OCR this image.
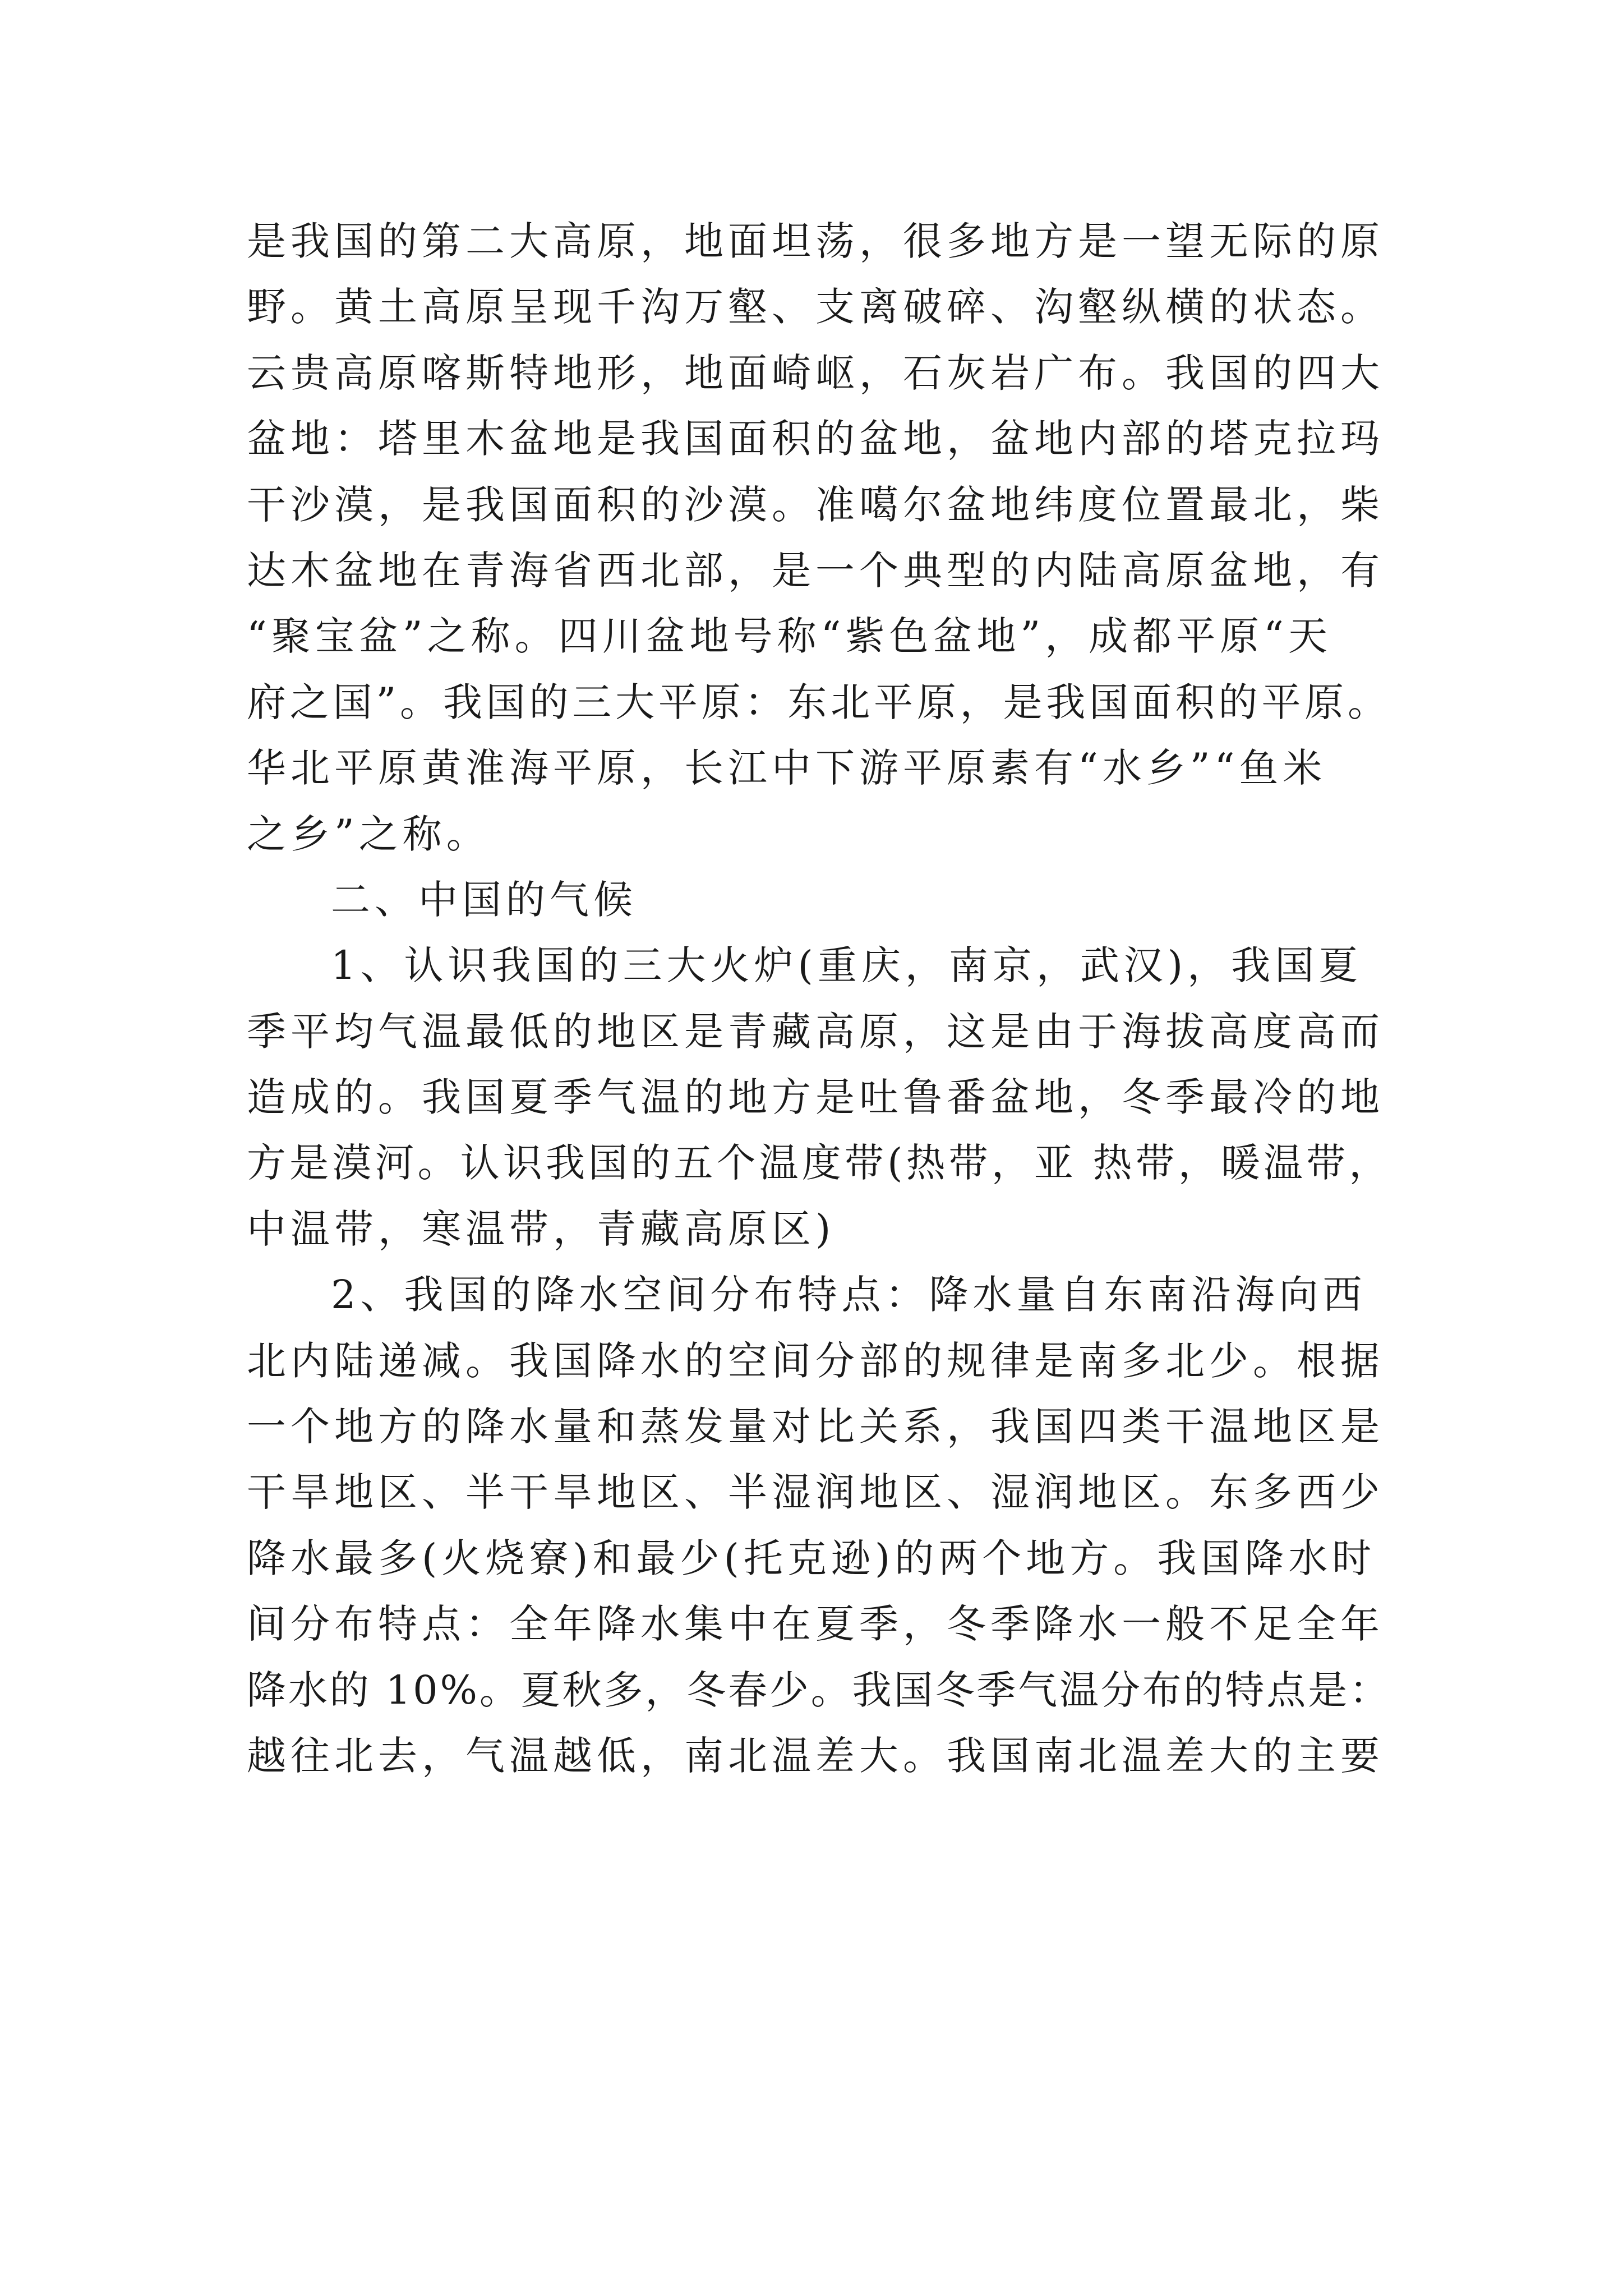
是我国的第二大高原，地面坦荡，很多地方是一望无际的原
野。黄土高原呈现千沟万壑、支离破碎、沟壑纵横的状态。
云贵高原喀斯特地形，地面崎岖，石灰岩广布。我国的四大
盆地：塔里木盆地是我国面积的盆地，盆地内部的塔克拉玛
干沙漠，是我国面积的沙漠。准噶尔盆地纬度位置最北，柴
达木盆地在青海省西北部，是一个典型的内陆高原盆地，有
“聚宝盆”之称。四川盆地号称“紫色盆地”，成都平原“天
府之国”。我国的三大平原：东北平原，是我国面积的平原。
华北平原黄淮海平原，长江中下游平原素有“水乡”“鱼米
之乡”之称。
二、中国的气候
1、认识我国的三大火炉(重庆，南京，武汉)，我国夏
季平均气温最低的地区是青藏高原，这是由于海拔高度高而
造成的。我国夏季气温的地方是吐鲁番盆地，冬季最冷的地
方是漠河。认识我国的五个温度带(热带，亚 热带，暖温带，
中温带，寒温带，青藏高原区)
2、我国的降水空间分布特点：降水量自东南沿海向西
北内陆递减。我国降水的空间分部的规律是南多北少。根据
一个地方的降水量和蒸发量对比关系，我国四类干温地区是
干旱地区、半干旱地区、半湿润地区、湿润地区。东多西少
降水最多(火烧寮)和最少(托克逊)的两个地方。我国降水时
间分布特点：全年降水集中在夏季，冬季降水一般不足全年
降水的 10%。夏秋多，冬春少。我国冬季气温分布的特点是：
越往北去，气温越低，南北温差大。我国南北温差大的主要
